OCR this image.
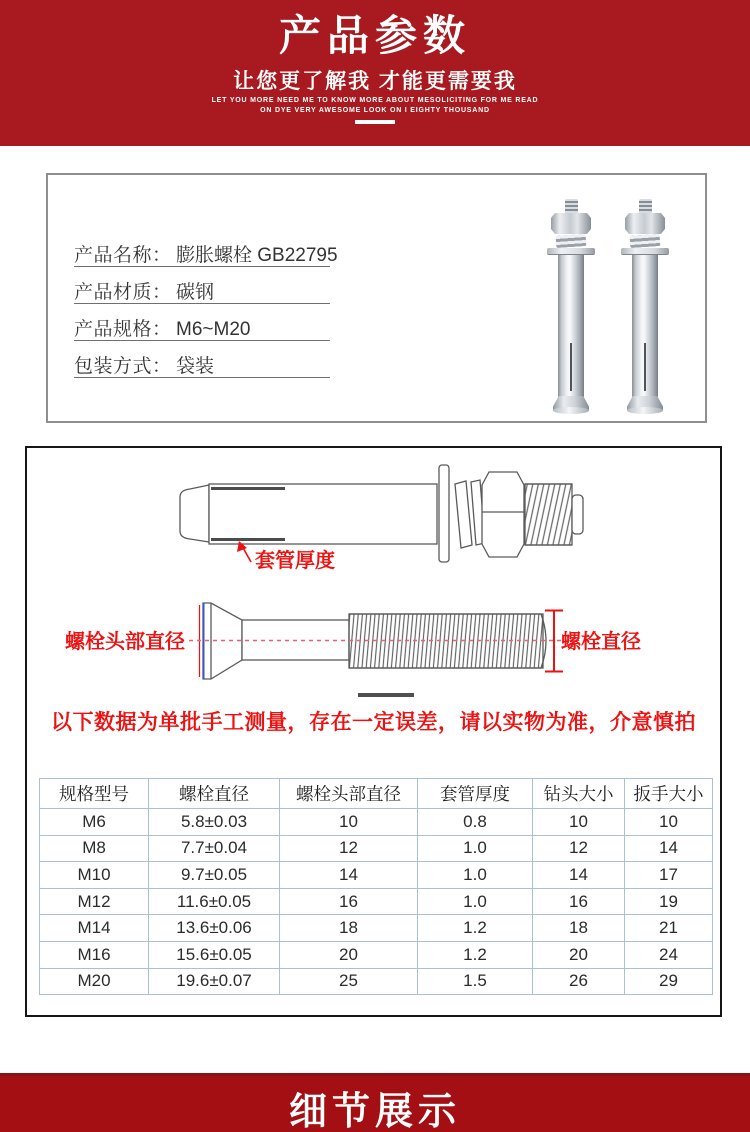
产品参数
让您更了解我 才能更需要我
LET YOU MORE NEED ME TO KNOW MORE ABOUT MESOLICITING FOR ME READ
ON DYE VERY AWESOME LOOK ON I EIGHTY THOUSAND
产品名称： 膨胀螺栓 GB22795
产品材质： 碳钢
产品规格： M6~M20
包装方式： 袋装
套管厚度
螺栓头部直径	螺栓直径
以下数据为单批手工测量，存在一定误差，请以实物为准，介意慎拍
规格型号	螺栓直径	螺栓头部直径	套管厚度	钻头大小	扳手大小
M6	5.8±0.03	10	0.8	10	10
M8	7.7±0.04	12	1.0	12	14
M10	9.7±0.05	14	1.0	14	17
M12	11.6±0.05	16	1.0	16	19
M14	13.6±0.06	18	1.2	18	21
M16	15.6±0.05	20	1.2	20	24
M20	19.6±0.07	25	1.5	26	29
细节展示
